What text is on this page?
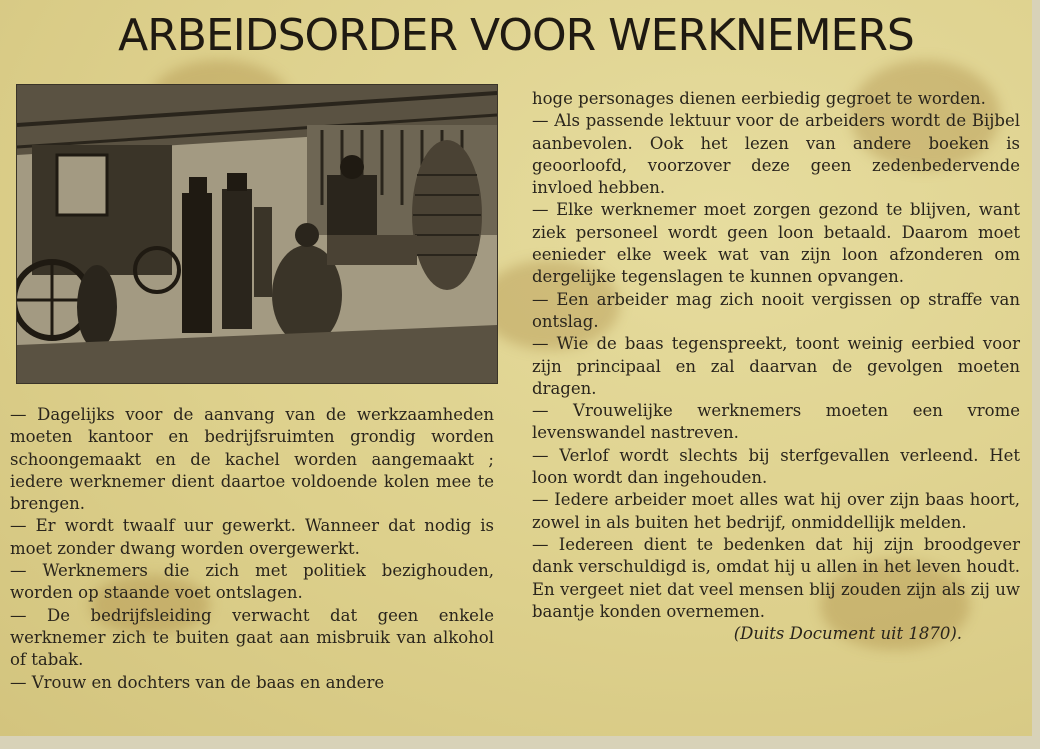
ARBEIDSORDER VOOR WERKNEMERS

— Dagelijks voor de aanvang van de werkzaamheden moeten kantoor en bedrijfsruimten grondig worden schoongemaakt en de kachel worden aangemaakt ; iedere werknemer dient daartoe voldoende kolen mee te brengen.

— Er wordt twaalf uur gewerkt. Wanneer dat nodig is moet zonder dwang worden overgewerkt.

— Werknemers die zich met politiek bezighouden, worden op staande voet ontslagen.

— De bedrijfsleiding verwacht dat geen enkele werknemer zich te buiten gaat aan misbruik van alkohol of tabak.

— Vrouw en dochters van de baas en andere

hoge personages dienen eerbiedig gegroet te worden.

— Als passende lektuur voor de arbeiders wordt de Bijbel aanbevolen. Ook het lezen van andere boeken is geoorloofd, voorzover deze geen zedenbedervende invloed hebben.

— Elke werknemer moet zorgen gezond te blijven, want ziek personeel wordt geen loon betaald. Daarom moet eenieder elke week wat van zijn loon afzonderen om dergelijke tegenslagen te kunnen opvangen.

— Een arbeider mag zich nooit vergissen op straffe van ontslag.

— Wie de baas tegenspreekt, toont weinig eerbied voor zijn principaal en zal daarvan de gevolgen moeten dragen.

— Vrouwelijke werknemers moeten een vrome levenswandel nastreven.

— Verlof wordt slechts bij sterfgevallen verleend. Het loon wordt dan ingehouden.

— Iedere arbeider moet alles wat hij over zijn baas hoort, zowel in als buiten het bedrijf, onmiddellijk melden.

— Iedereen dient te bedenken dat hij zijn broodgever dank verschuldigd is, omdat hij u allen in het leven houdt. En vergeet niet dat veel mensen blij zouden zijn als zij uw baantje konden overnemen.

(Duits Document uit 1870).
